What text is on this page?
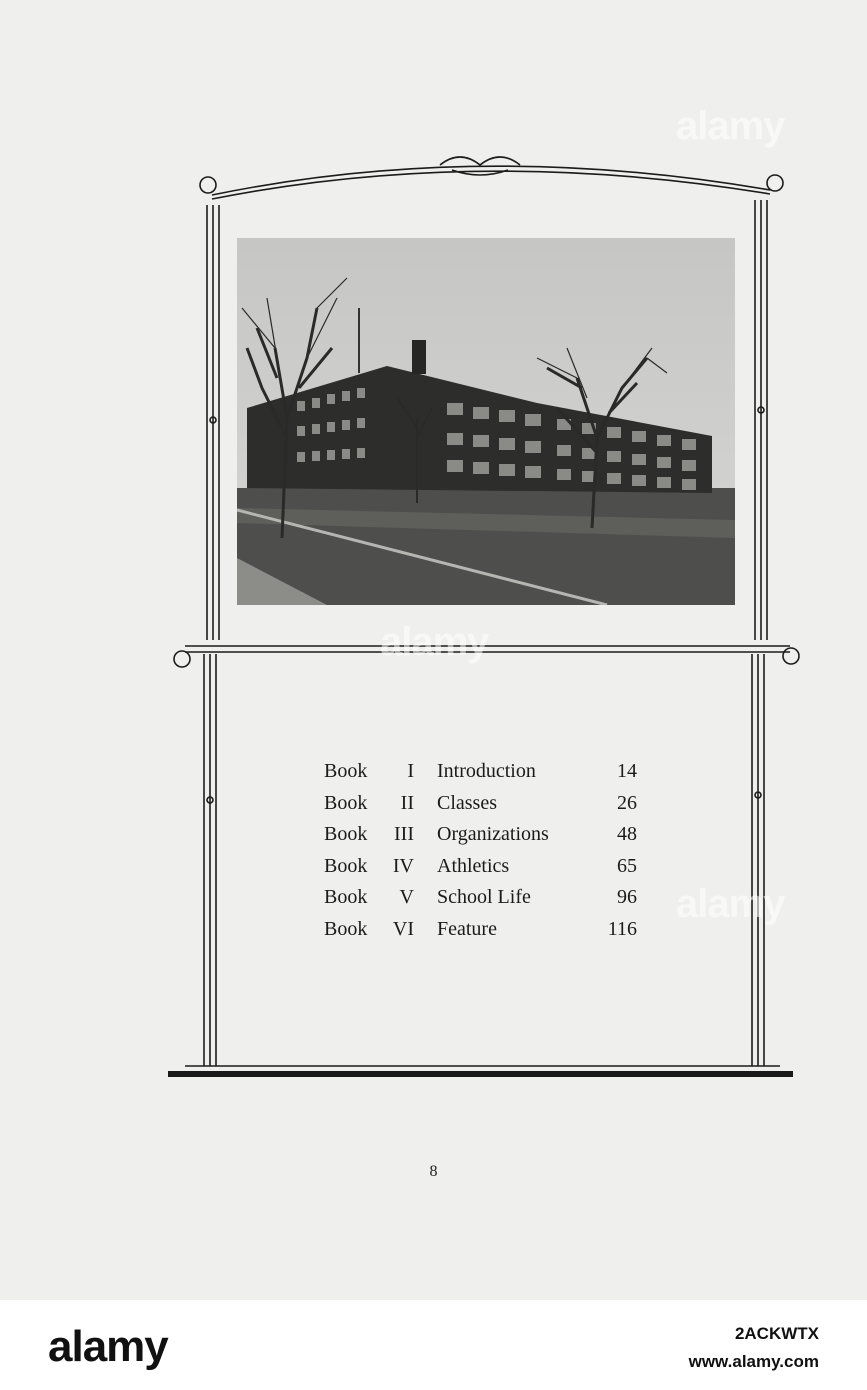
Book	I Introduction	14
Book	II Classes	26
Book	III Organizations	48
Book	IV Athletics	65
Book	V School Life	96
Book	VI Feature	116
8
alamy
alamy
alamy
alamy	2ACKWTX
www.alamy.com
